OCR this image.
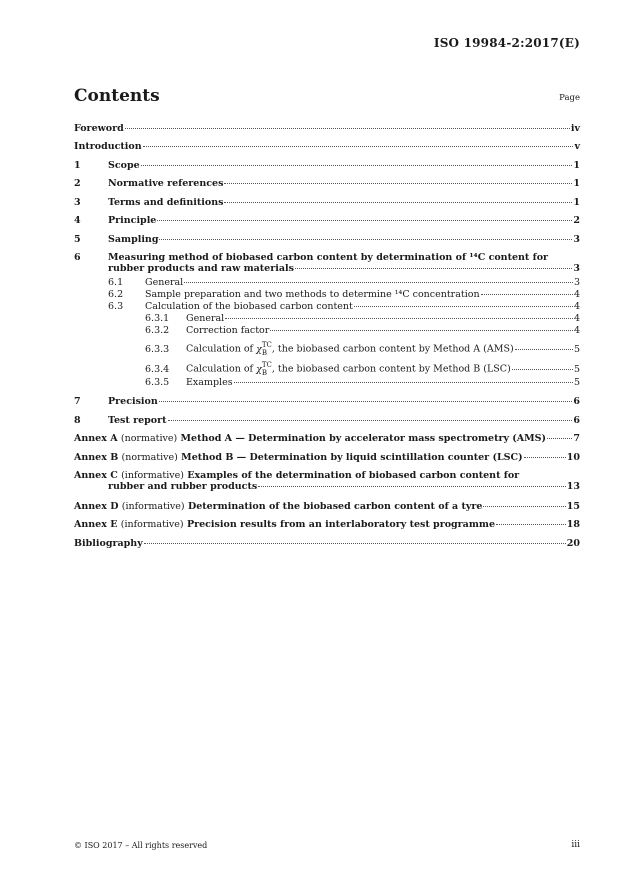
ISO 19984-2:2017(E)
Contents	Page
Foreword	iv
Introduction	v
1	Scope	1
2	Normative references	1
3	Terms and definitions	1
4	Principle	2
5	Sampling	3
6	Measuring method of biobased carbon content by determination of ¹⁴C content for
rubber products and raw materials	3
6.1	General	3
6.2	Sample preparation and two methods to determine ¹⁴C concentration	4
6.3	Calculation of the biobased carbon content	4
6.3.1	General	4
6.3.2	Correction factor	4
6.3.3	Calculation of χ TC
B , the biobased carbon content by Method A (AMS)	5
6.3.4	Calculation of χ TC
B , the biobased carbon content by Method B (LSC)	5
6.3.5	Examples	5
7	Precision	6
8	Test report	6
Annex A (normative) Method A — Determination by accelerator mass spectrometry (AMS)	7
Annex B (normative) Method B — Determination by liquid scintillation counter (LSC)	10
Annex C (informative) Examples of the determination of biobased carbon content for
rubber and rubber products	13
Annex D (informative) Determination of the biobased carbon content of a tyre	15
Annex E (informative) Precision results from an interlaboratory test programme	18
Bibliography	20
© ISO 2017 – All rights reserved	iii
